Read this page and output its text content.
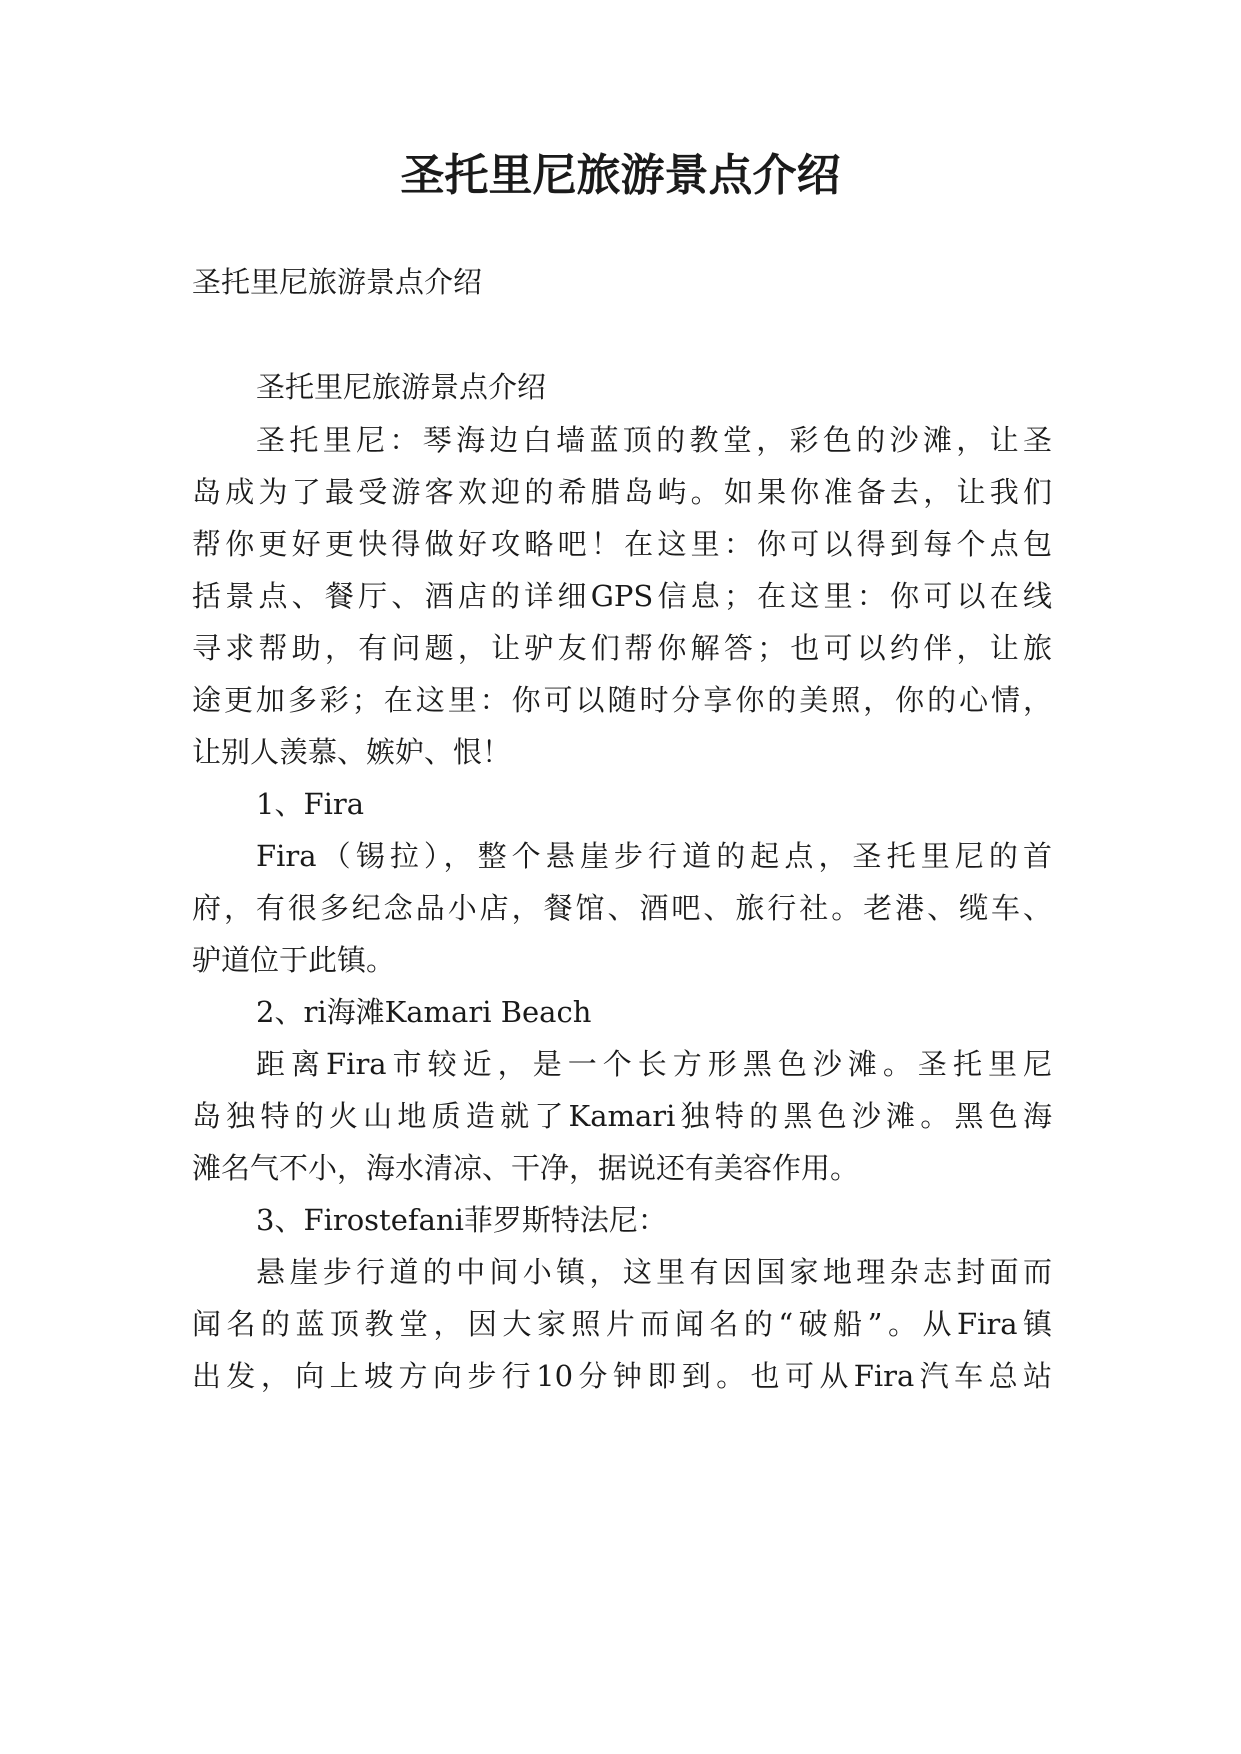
圣托里尼旅游景点介绍

圣托里尼旅游景点介绍

圣托里尼旅游景点介绍

圣托里尼：琴海边白墙蓝顶的教堂，彩色的沙滩，让圣

岛成为了最受游客欢迎的希腊岛屿。如果你准备去，让我们

帮你更好更快得做好攻略吧！在这里：你可以得到每个点包

括景点、餐厅、酒店的详细GPS信息；在这里：你可以在线

寻求帮助，有问题，让驴友们帮你解答；也可以约伴，让旅

途更加多彩；在这里：你可以随时分享你的美照，你的心情，

让别人羡慕、嫉妒、恨！

1、Fira

Fira（锡拉），整个悬崖步行道的起点，圣托里尼的首

府，有很多纪念品小店，餐馆、酒吧、旅行社。老港、缆车、

驴道位于此镇。

2、ri海滩Kamari Beach

距离Fira市较近，是一个长方形黑色沙滩。圣托里尼

岛独特的火山地质造就了Kamari独特的黑色沙滩。黑色海

滩名气不小，海水清凉、干净，据说还有美容作用。

3、Firostefani菲罗斯特法尼：

悬崖步行道的中间小镇，这里有因国家地理杂志封面而

闻名的蓝顶教堂，因大家照片而闻名的“破船”。从Fira镇

出发，向上坡方向步行10分钟即到。也可从Fira汽车总站
